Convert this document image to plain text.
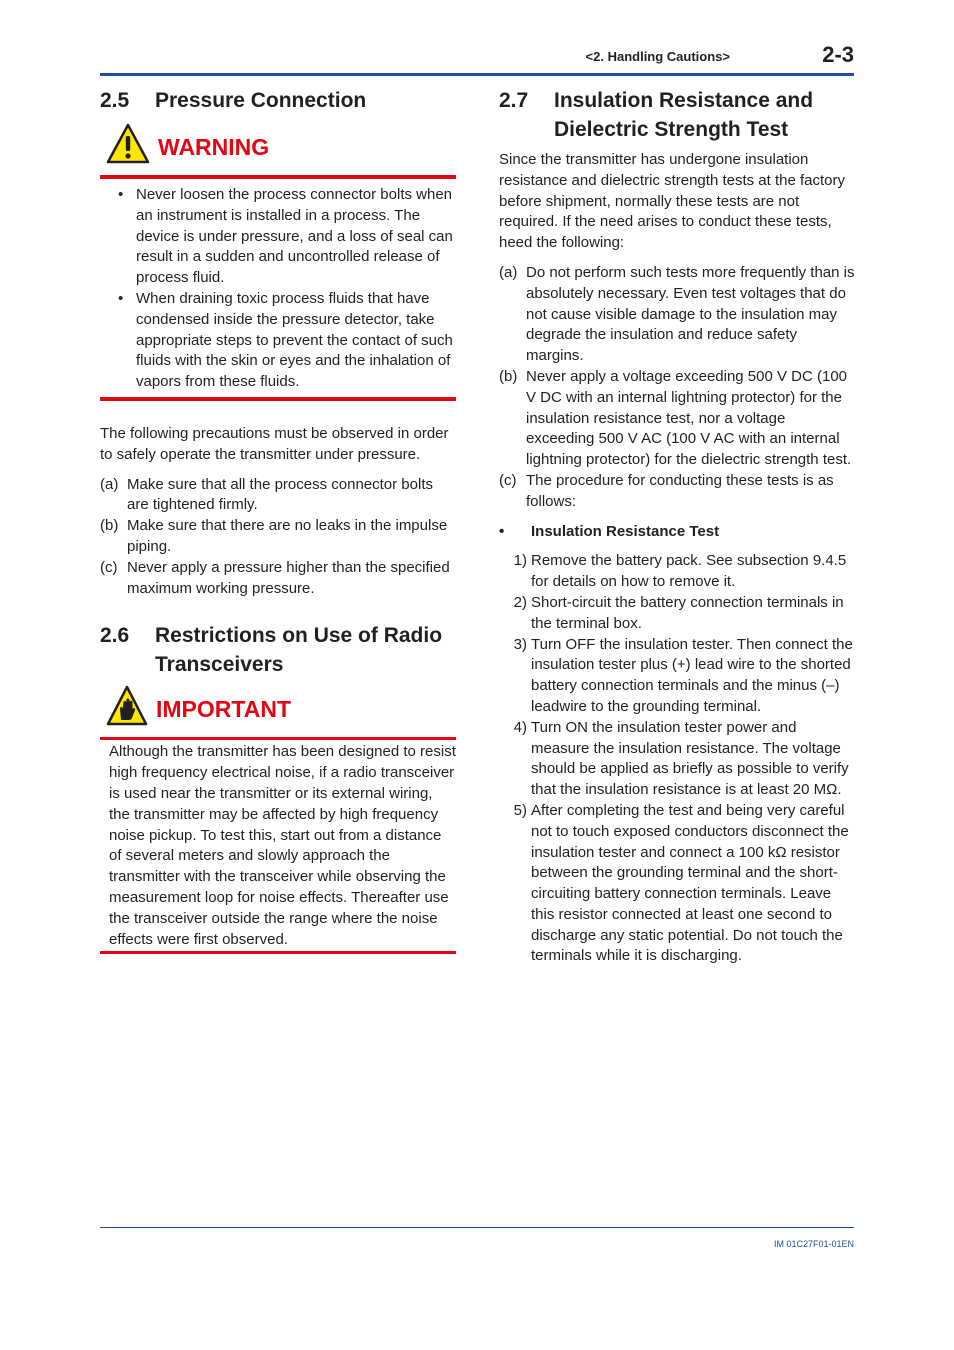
<2. Handling Cautions>	2-3
2.5	Pressure Connection
WARNING
• Never loosen the process connector bolts when an instrument is installed in a process. The device is under pressure, and a loss of seal can result in a sudden and uncontrolled release of process fluid.
• When draining toxic process fluids that have condensed inside the pressure detector, take appropriate steps to prevent the contact of such fluids with the skin or eyes and the inhalation of vapors from these fluids.

The following precautions must be observed in order to safely operate the transmitter under pressure.

(a) Make sure that all the process connector bolts are tightened firmly.
(b) Make sure that there are no leaks in the impulse piping.
(c) Never apply a pressure higher than the specified maximum working pressure.
2.6	Restrictions on Use of Radio Transceivers
IMPORTANT

Although the transmitter has been designed to resist high frequency electrical noise, if a radio transceiver is used near the transmitter or its external wiring, the transmitter may be affected by high frequency noise pickup. To test this, start out from a distance of several meters and slowly approach the transmitter with the transceiver while observing the measurement loop for noise effects. Thereafter use the transceiver outside the range where the noise effects were first observed.

2.7	Insulation Resistance and Dielectric Strength Test

Since the transmitter has undergone insulation resistance and dielectric strength tests at the factory before shipment, normally these tests are not required. If the need arises to conduct these tests, heed the following:

(a) Do not perform such tests more frequently than is absolutely necessary. Even test voltages that do not cause visible damage to the insulation may degrade the insulation and reduce safety margins.
(b) Never apply a voltage exceeding 500 V DC (100 V DC with an internal lightning protector) for the insulation resistance test, nor a voltage exceeding 500 V AC (100 V AC with an internal lightning protector) for the dielectric strength test.
(c) The procedure for conducting these tests is as follows:
•	Insulation Resistance Test
1) Remove the battery pack. See subsection 9.4.5 for details on how to remove it.
2) Short-circuit the battery connection terminals in the terminal box.
3) Turn OFF the insulation tester. Then connect the insulation tester plus (+) lead wire to the shorted battery connection terminals and the minus (–) leadwire to the grounding terminal.
4) Turn ON the insulation tester power and measure the insulation resistance. The voltage should be applied as briefly as possible to verify that the insulation resistance is at least 20 MΩ.
5) After completing the test and being very careful not to touch exposed conductors disconnect the insulation tester and connect a 100 kΩ resistor between the grounding terminal and the short-circuiting battery connection terminals. Leave this resistor connected at least one second to discharge any static potential. Do not touch the terminals while it is discharging.
IM 01C27F01-01EN
